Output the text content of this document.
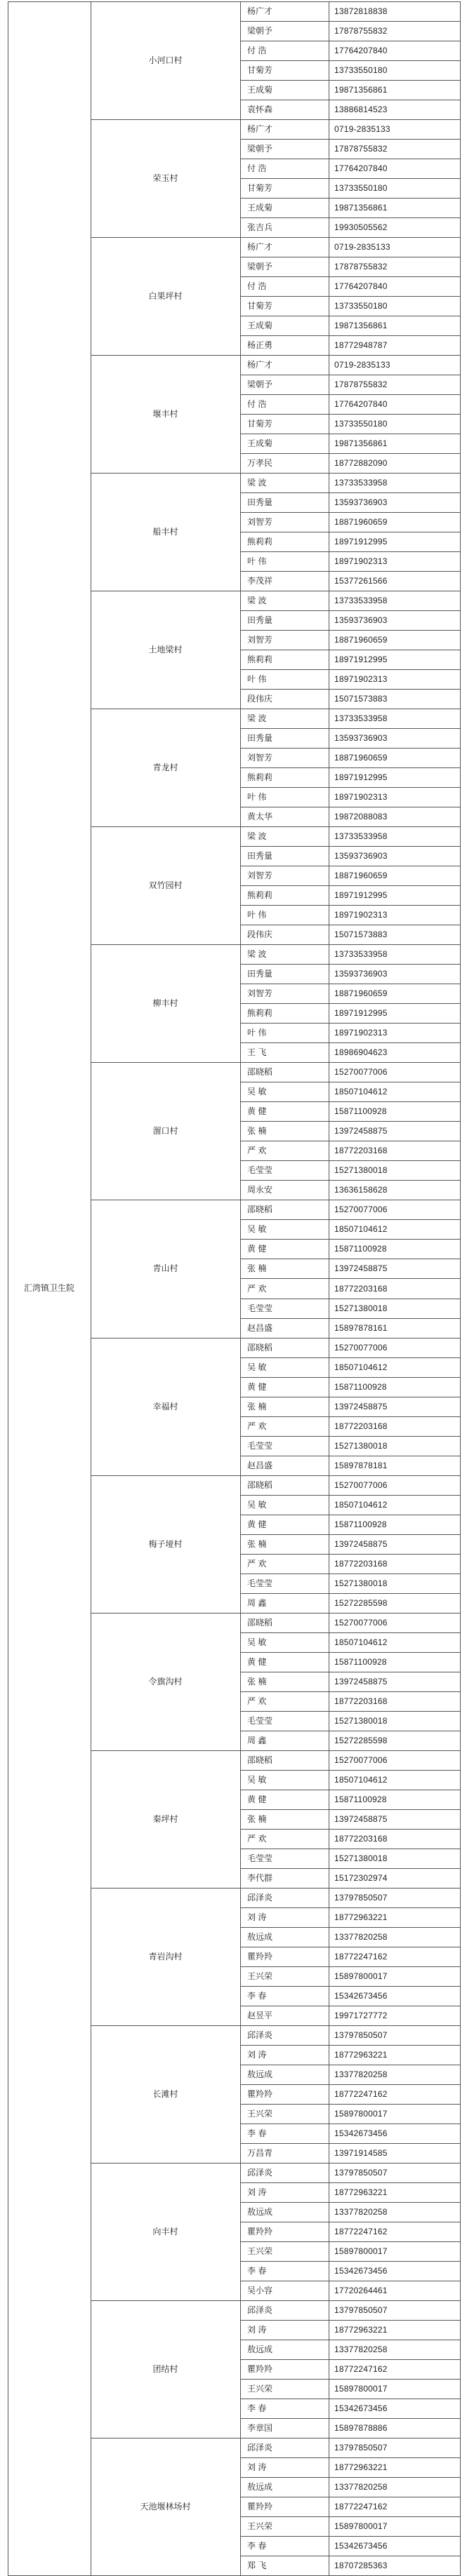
汇湾镇卫生院
小河口村
杨广才	13872818838
梁朝予	17878755832
付 浩	17764207840
甘菊芳	13733550180
王成菊	19871356861
袁怀森	13886814523
荣玉村
杨广才	0719-2835133
梁朝予	17878755832
付 浩	17764207840
甘菊芳	13733550180
王成菊	19871356861
张吉兵	19930505562
白果坪村
杨广才	0719-2835133
梁朝予	17878755832
付 浩	17764207840
甘菊芳	13733550180
王成菊	19871356861
杨正勇	18772948787
堰丰村
杨广才	0719-2835133
梁朝予	17878755832
付 浩	17764207840
甘菊芳	13733550180
王成菊	19871356861
万孝民	18772882090
船丰村
梁 波	13733533958
田秀量	13593736903
刘智芳	18871960659
熊莉莉	18971912995
叶 伟	18971902313
李茂祥	15377261566
土地梁村
梁 波	13733533958
田秀量	13593736903
刘智芳	18871960659
熊莉莉	18971912995
叶 伟	18971902313
段伟庆	15071573883
青龙村
梁 波	13733533958
田秀量	13593736903
刘智芳	18871960659
熊莉莉	18971912995
叶 伟	18971902313
黄太华	19872088083
双竹园村
梁 波	13733533958
田秀量	13593736903
刘智芳	18871960659
熊莉莉	18971912995
叶 伟	18971902313
段伟庆	15071573883
柳丰村
梁 波	13733533958
田秀量	13593736903
刘智芳	18871960659
熊莉莉	18971912995
叶 伟	18971902313
王 飞	18986904623
溜口村
邵晓稻	15270077006
吴 敏	18507104612
黄 健	15871100928
张 楠	13972458875
严 欢	18772203168
毛莹莹	15271380018
周永安	13636158628
青山村
邵晓稻	15270077006
吴 敏	18507104612
黄 健	15871100928
张 楠	13972458875
严 欢	18772203168
毛莹莹	15271380018
赵昌盛	15897878161
幸福村
邵晓稻	15270077006
吴 敏	18507104612
黄 健	15871100928
张 楠	13972458875
严 欢	18772203168
毛莹莹	15271380018
赵昌盛	15897878181
梅子垭村
邵晓稻	15270077006
吴 敏	18507104612
黄 健	15871100928
张 楠	13972458875
严 欢	18772203168
毛莹莹	15271380018
周 鑫	15272285598
令旗沟村
邵晓稻	15270077006
吴 敏	18507104612
黄 健	15871100928
张 楠	13972458875
严 欢	18772203168
毛莹莹	15271380018
周 鑫	15272285598
秦坪村
邵晓稻	15270077006
吴 敏	18507104612
黄 健	15871100928
张 楠	13972458875
严 欢	18772203168
毛莹莹	15271380018
李代群	15172302974
青岩沟村
邱泽炎	13797850507
刘 涛	18772963221
敖远成	13377820258
瞿羚羚	18772247162
王兴荣	15897800017
李 春	15342673456
赵昱平	19971727772
长滩村
邱泽炎	13797850507
刘 涛	18772963221
敖远成	13377820258
瞿羚羚	18772247162
王兴荣	15897800017
李 春	15342673456
万昌青	13971914585
向丰村
邱泽炎	13797850507
刘 涛	18772963221
敖远成	13377820258
瞿羚羚	18772247162
王兴荣	15897800017
李 春	15342673456
吴小容	17720264461
团结村
邱泽炎	13797850507
刘 涛	18772963221
敖远成	13377820258
瞿羚羚	18772247162
王兴荣	15897800017
李 春	15342673456
李章国	15897878886
天池堰林场村
邱泽炎	13797850507
刘 涛	18772963221
敖远成	13377820258
瞿羚羚	18772247162
王兴荣	15897800017
李 春	15342673456
郑 飞	18707285363
